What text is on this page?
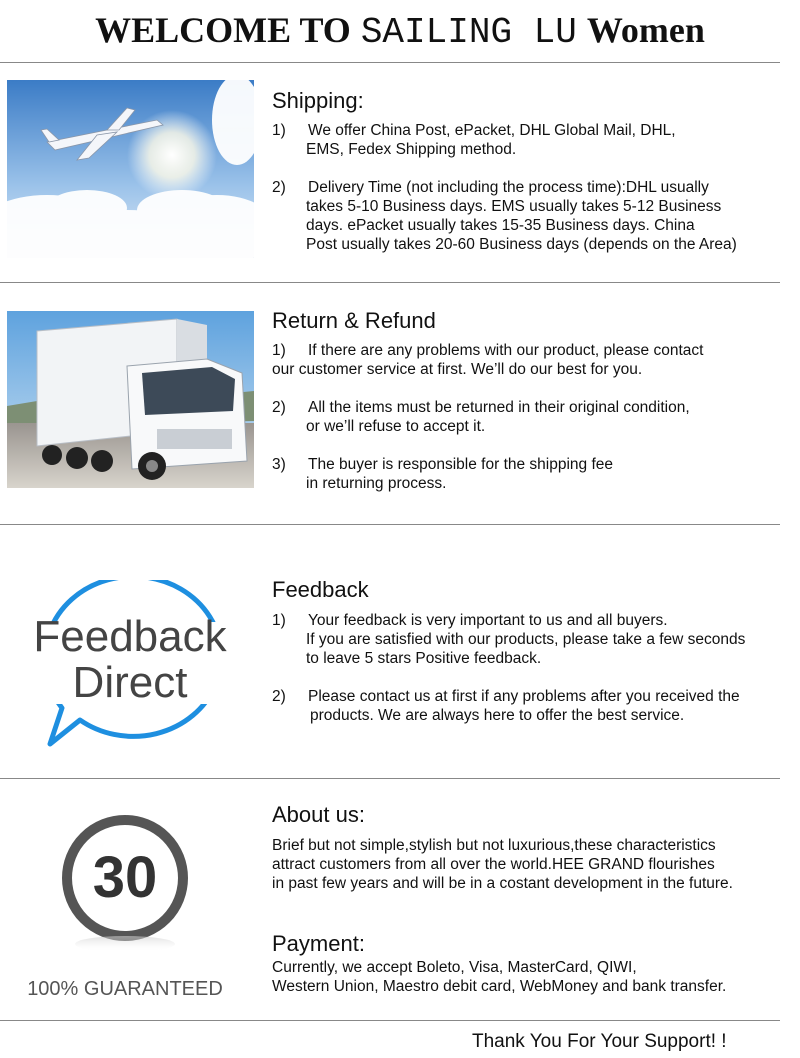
WELCOME TO SAILING LU Women
Shipping:
1) We offer China Post, ePacket, DHL Global Mail, DHL,
EMS, Fedex Shipping method.
2) Delivery Time (not including the process time):DHL usually
takes 5-10 Business days. EMS usually takes 5-12 Business
days. ePacket usually takes 15-35 Business days. China
Post usually takes 20-60 Business days (depends on the Area)
Return & Refund
1) If there are any problems with our product, please contact
our customer service at first. We’ll do our best for you.
2) All the items must be returned in their original condition,
or we’ll refuse to accept it.
3) The buyer is responsible for the shipping fee
in returning process.
Feedback
Direct
Feedback
1) Your feedback is very important to us and all buyers.
If you are satisfied with our products, please take a few seconds
to leave 5 stars Positive feedback.
2) Please contact us at first if any problems after you received the
products. We are always here to offer the best service.
30
100% GUARANTEED
About us:
Brief but not simple,stylish but not luxurious,these characteristics
attract customers from all over the world.HEE GRAND flourishes
in past few years and will be in a costant development in the future.
Payment:
Currently, we accept Boleto, Visa, MasterCard, QIWI,
Western Union, Maestro debit card, WebMoney and bank transfer.
Thank You For Your Support! !
